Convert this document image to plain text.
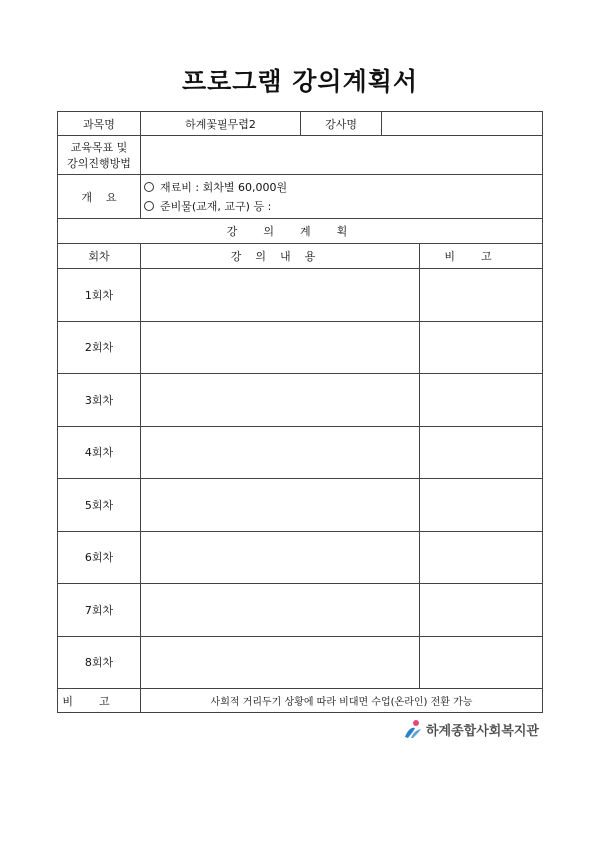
프로그램 강의계획서
과목명	하계꽃필무렵2	강사명		

교육목표 및
강의진행방법				

개    요	재료비 : 회차별 60,000원
준비물(교재, 교구) 등 :			

강의계획				
회차	강의내용			비고
1회차				
2회차				
3회차				
4회차				
5회차				
6회차				
7회차				
8회차				
비고	사회적 거리두기 상황에 따라 비대면 수업(온라인) 전환 가능			
하계종합사회복지관
